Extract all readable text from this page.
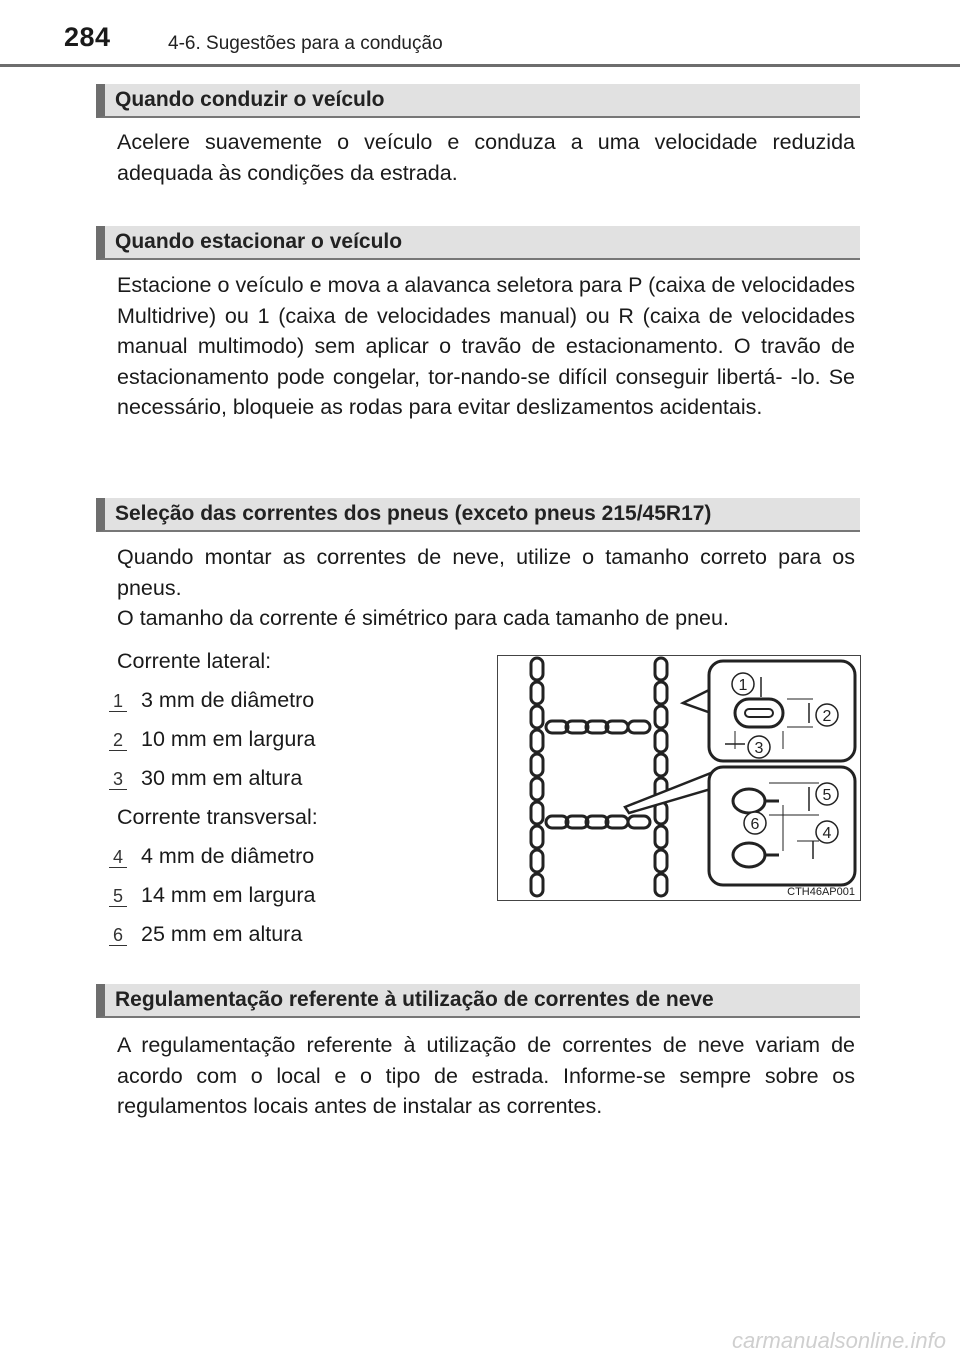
284	4-6. Sugestões para a condução
Quando conduzir o veículo

Acelere suavemente o veículo e conduza a uma velocidade reduzida adequada às condições da estrada.

Quando estacionar o veículo

Estacione o veículo e mova a alavanca seletora para P (caixa de velocidades Multidrive) ou 1 (caixa de velocidades manual) ou R (caixa de velocidades manual multimodo) sem aplicar o travão de estacionamento. O travão de estacionamento pode congelar, tor-nando-se difícil conseguir libertá- -lo. Se necessário, bloqueie as rodas para evitar deslizamentos acidentais.

Seleção das correntes dos pneus (exceto pneus 215/45R17)

Quando montar as correntes de neve, utilize o tamanho correto para os pneus.

O tamanho da corrente é simétrico para cada tamanho de pneu.
Corrente lateral:
1 3 mm de diâmetro
2 10 mm em largura
3 30 mm em altura
Corrente transversal:
4 4 mm de diâmetro
5 14 mm em largura
6 25 mm em altura
1
2
3
5
6
4
CTH46AP001
Regulamentação referente à utilização de correntes de neve

A regulamentação referente à utilização de correntes de neve variam de acordo com o local e o tipo de estrada. Informe-se sempre sobre os regulamentos locais antes de instalar as correntes.

carmanualsonline.info
